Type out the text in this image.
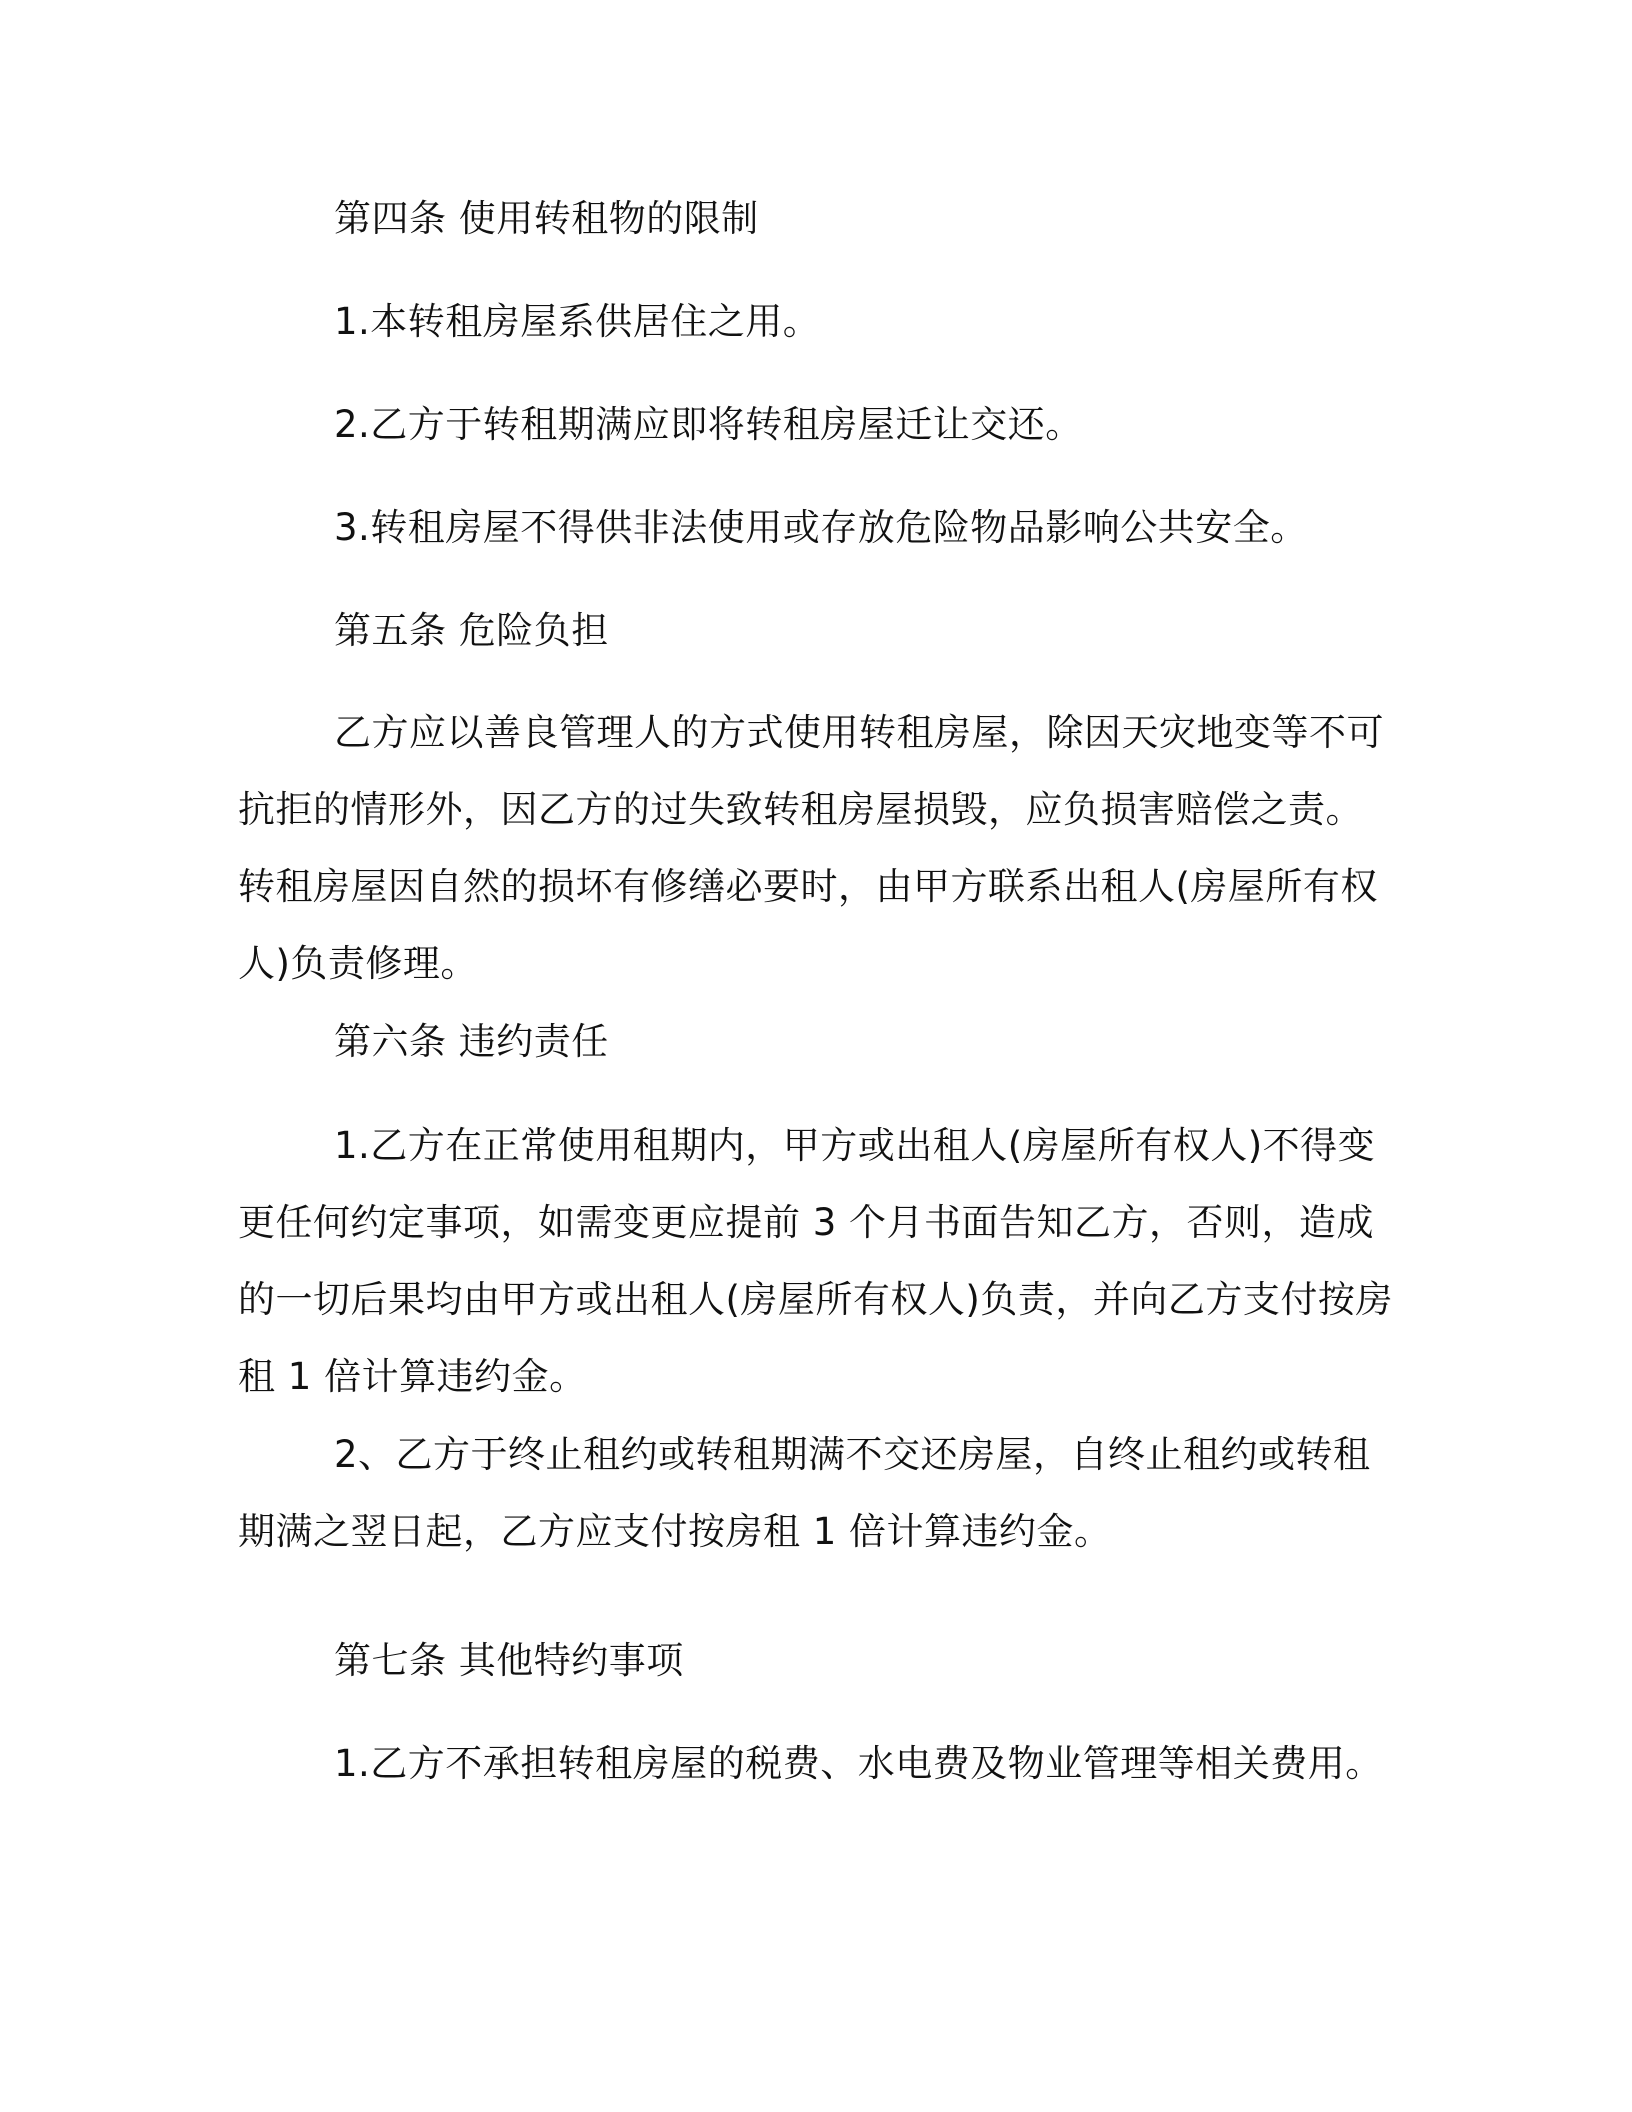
第四条 使用转租物的限制

1.本转租房屋系供居住之用。

2.乙方于转租期满应即将转租房屋迁让交还。

3.转租房屋不得供非法使用或存放危险物品影响公共安全。

第五条 危险负担

乙方应以善良管理人的方式使用转租房屋，除因天灾地变等不可
抗拒的情形外，因乙方的过失致转租房屋损毁，应负损害赔偿之责。
转租房屋因自然的损坏有修缮必要时，由甲方联系出租人(房屋所有权
人)负责修理。

第六条 违约责任

1.乙方在正常使用租期内，甲方或出租人(房屋所有权人)不得变
更任何约定事项，如需变更应提前 3 个月书面告知乙方，否则，造成
的一切后果均由甲方或出租人(房屋所有权人)负责，并向乙方支付按房
租 1 倍计算违约金。
2、乙方于终止租约或转租期满不交还房屋，自终止租约或转租
期满之翌日起，乙方应支付按房租 1 倍计算违约金。

第七条 其他特约事项

1.乙方不承担转租房屋的税费、水电费及物业管理等相关费用。
